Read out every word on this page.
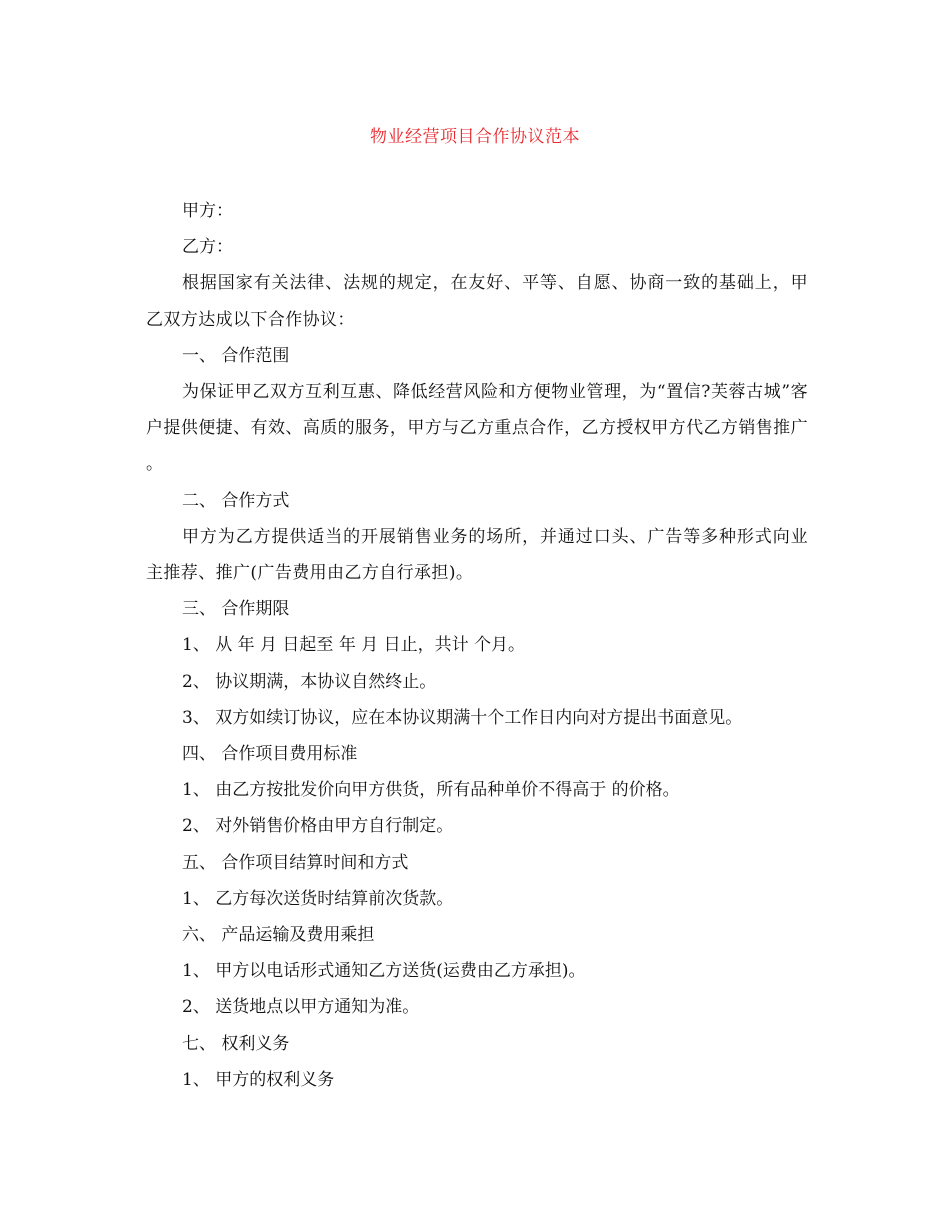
物业经营项目合作协议范本

甲方：

乙方：

根据国家有关法律、法规的规定，在友好、平等、自愿、协商一致的基础上，甲乙双方达成以下合作协议：

一、 合作范围

为保证甲乙双方互利互惠、降低经营风险和方便物业管理，为“置信?芙蓉古城”客户提供便捷、有效、高质的服务，甲方与乙方重点合作，乙方授权甲方代乙方销售推广 。

二、 合作方式

甲方为乙方提供适当的开展销售业务的场所，并通过口头、广告等多种形式向业主推荐、推广(广告费用由乙方自行承担)。

三、 合作期限

1、 从 年 月 日起至 年 月 日止，共计 个月。

2、 协议期满，本协议自然终止。

3、 双方如续订协议，应在本协议期满十个工作日内向对方提出书面意见。

四、 合作项目费用标准

1、 由乙方按批发价向甲方供货，所有品种单价不得高于 的价格。

2、 对外销售价格由甲方自行制定。

五、 合作项目结算时间和方式

1、 乙方每次送货时结算前次货款。

六、 产品运输及费用乘担

1、 甲方以电话形式通知乙方送货(运费由乙方承担)。

2、 送货地点以甲方通知为准。

七、 权利义务

1、 甲方的权利义务
